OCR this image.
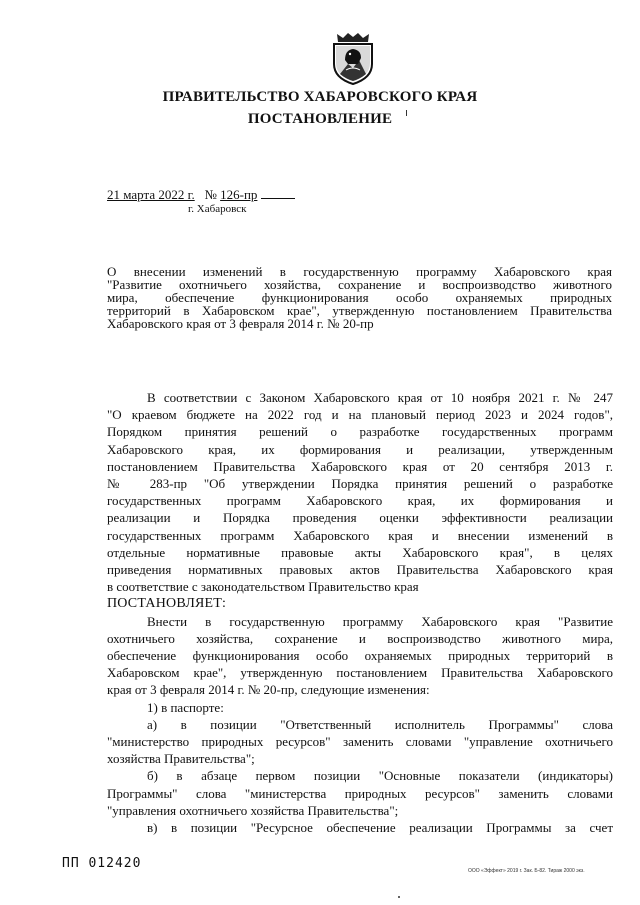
ПРАВИТЕЛЬСТВО ХАБАРОВСКОГО КРАЯ
ПОСТАНОВЛЕНИЕ
21 марта 2022 г. № 126-пр
г. Хабаровск
О внесении изменений в государственную программу Хабаровского края
"Развитие охотничьего хозяйства, сохранение и воспроизводство животного
мира, обеспечение функционирования особо охраняемых природных
территорий в Хабаровском крае", утвержденную постановлением Правительства
Хабаровского края от 3 февраля 2014 г. № 20-пр
В соответствии с Законом Хабаровского края от 10 ноября 2021 г. № 247
"О краевом бюджете на 2022 год и на плановый период 2023 и 2024 годов",
Порядком принятия решений о разработке государственных программ
Хабаровского края, их формирования и реализации, утвержденным
постановлением Правительства Хабаровского края от 20 сентября 2013 г.
№ 283-пр "Об утверждении Порядка принятия решений о разработке
государственных программ Хабаровского края, их формирования и
реализации и Порядка проведения оценки эффективности реализации
государственных программ Хабаровского края и внесении изменений в
отдельные нормативные правовые акты Хабаровского края", в целях
приведения нормативных правовых актов Правительства Хабаровского края
в соответствие с законодательством Правительство края
ПОСТАНОВЛЯЕТ:
Внести в государственную программу Хабаровского края "Развитие
охотничьего хозяйства, сохранение и воспроизводство животного мира,
обеспечение функционирования особо охраняемых природных территорий в
Хабаровском крае", утвержденную постановлением Правительства Хабаровского
края от 3 февраля 2014 г. № 20-пр, следующие изменения:
1) в паспорте:
а) в позиции "Ответственный исполнитель Программы" слова
"министерство природных ресурсов" заменить словами "управление охотничьего
хозяйства Правительства";
б) в абзаце первом позиции "Основные показатели (индикаторы)
Программы" слова "министерства природных ресурсов" заменить словами
"управления охотничьего хозяйства Правительства";
в) в позиции "Ресурсное обеспечение реализации Программы за счет
ПП 012420	ООО «Эффект» 2019 г. Зак. Б-82. Тираж 2000 экз.
